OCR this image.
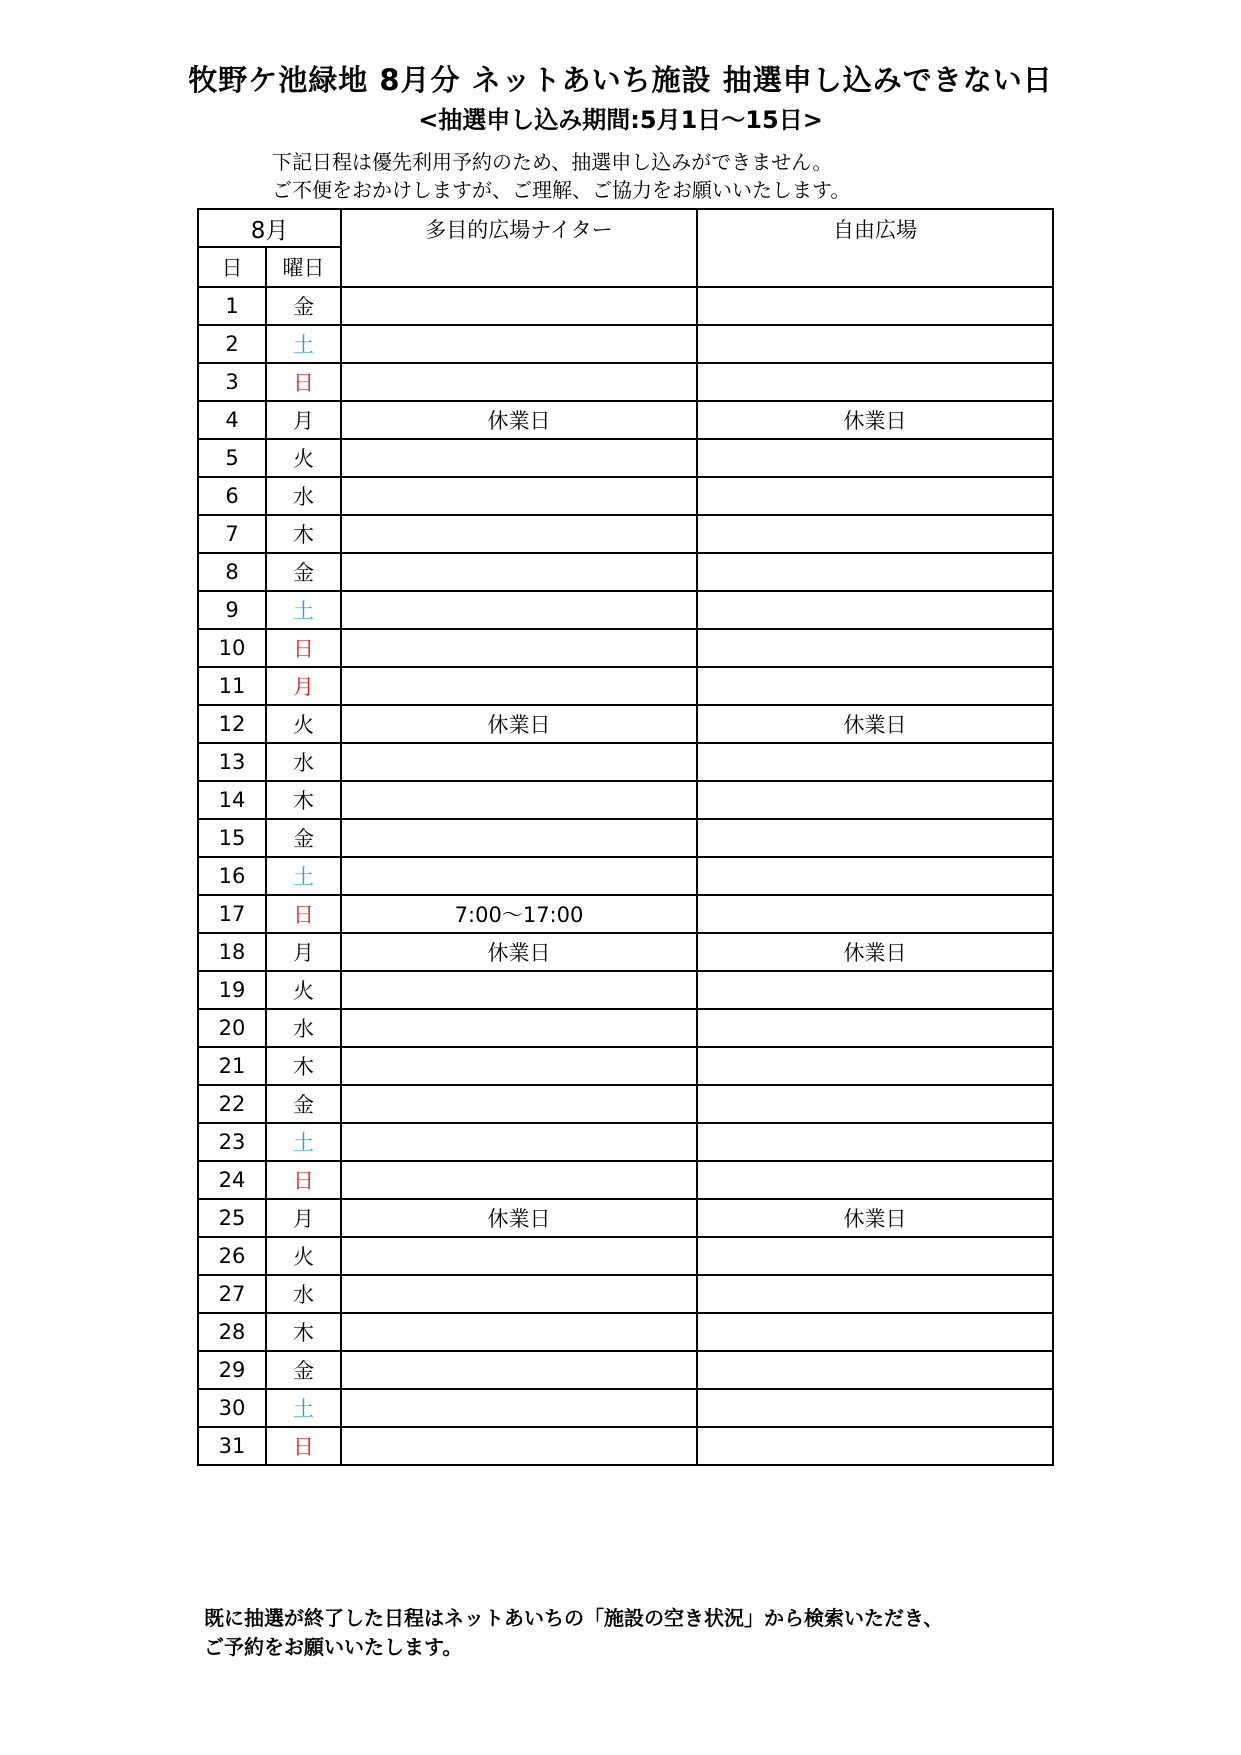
牧野ケ池緑地 8月分 ネットあいち施設 抽選申し込みできない日
<抽選申し込み期間:5月1日〜15日>
下記日程は優先利用予約のため、抽選申し込みができません。
ご不便をおかけしますが、ご理解、ご協力をお願いいたします。
8月		多目的広場ナイター	自由広場
日	曜日		
1	金		
2	土		
3	日		
4	月	休業日	休業日
5	火		
6	水		
7	木		
8	金		
9	土		
10	日		
11	月		
12	火	休業日	休業日
13	水		
14	木		
15	金		
16	土		
17	日	7:00〜17:00	
18	月	休業日	休業日
19	火		
20	水		
21	木		
22	金		
23	土		
24	日		
25	月	休業日	休業日
26	火		
27	水		
28	木		
29	金		
30	土		
31	日		
既に抽選が終了した日程はネットあいちの「施設の空き状況」から検索いただき、
ご予約をお願いいたします。
